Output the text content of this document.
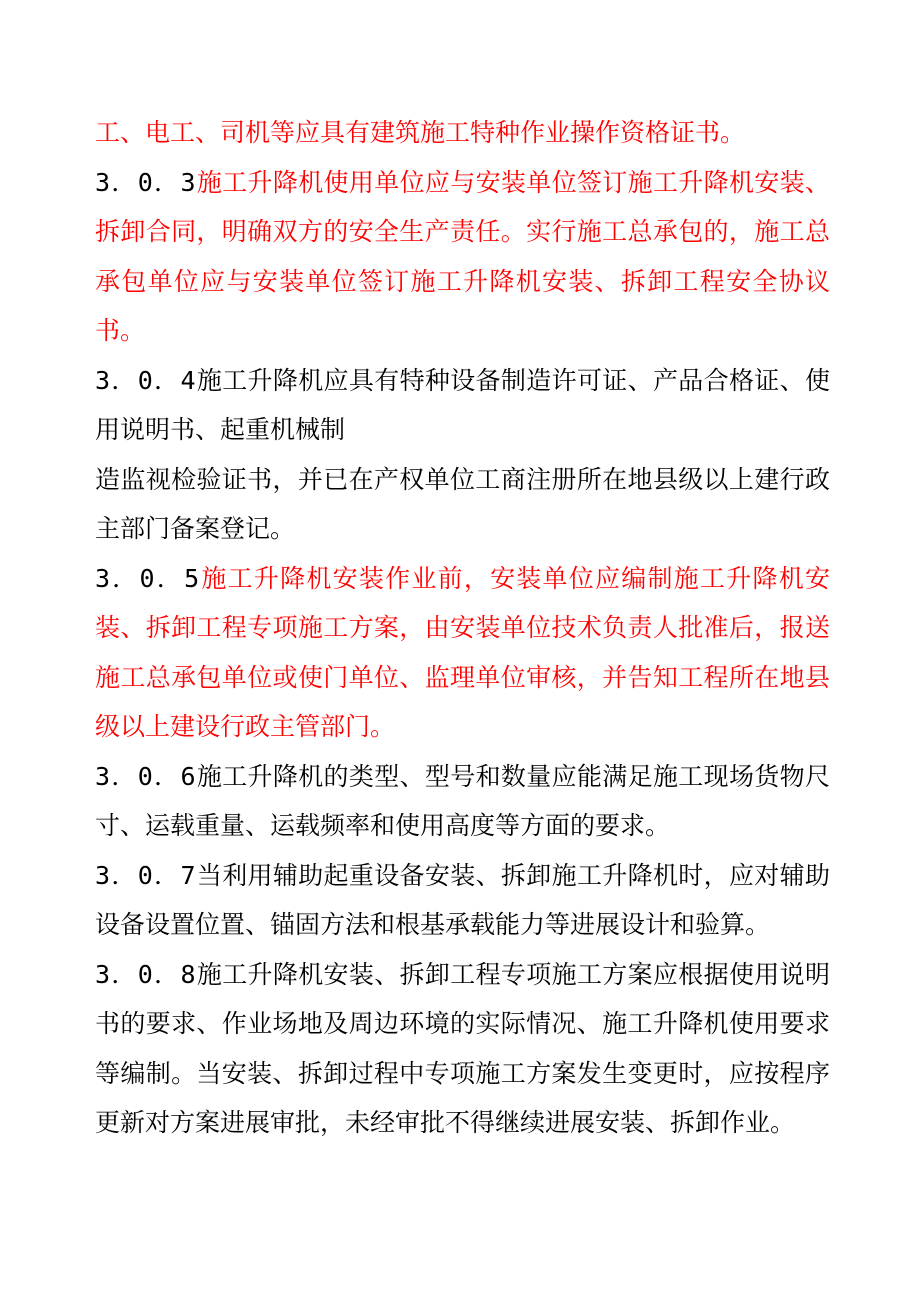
工、电工、司机等应具有建筑施工特种作业操作资格证书。

3．0．3施工升降机使用单位应与安装单位签订施工升降机安装、拆卸合同，明确双方的安全生产责任。实行施工总承包的，施工总承包单位应与安装单位签订施工升降机安装、拆卸工程安全协议书。

3．0．4施工升降机应具有特种设备制造许可证、产品合格证、使用说明书、起重机械制

造监视检验证书，并已在产权单位工商注册所在地县级以上建行政主部门备案登记。

3．0．5施工升降机安装作业前，安装单位应编制施工升降机安装、拆卸工程专项施工方案，由安装单位技术负责人批准后，报送施工总承包单位或使门单位、监理单位审核，并告知工程所在地县级以上建设行政主管部门。

3．0．6施工升降机的类型、型号和数量应能满足施工现场货物尺寸、运载重量、运载频率和使用高度等方面的要求。

3．0．7当利用辅助起重设备安装、拆卸施工升降机时，应对辅助设备设置位置、锚固方法和根基承载能力等进展设计和验算。

3．0．8施工升降机安装、拆卸工程专项施工方案应根据使用说明书的要求、作业场地及周边环境的实际情况、施工升降机使用要求等编制。当安装、拆卸过程中专项施工方案发生变更时，应按程序更新对方案进展审批，未经审批不得继续进展安装、拆卸作业。
